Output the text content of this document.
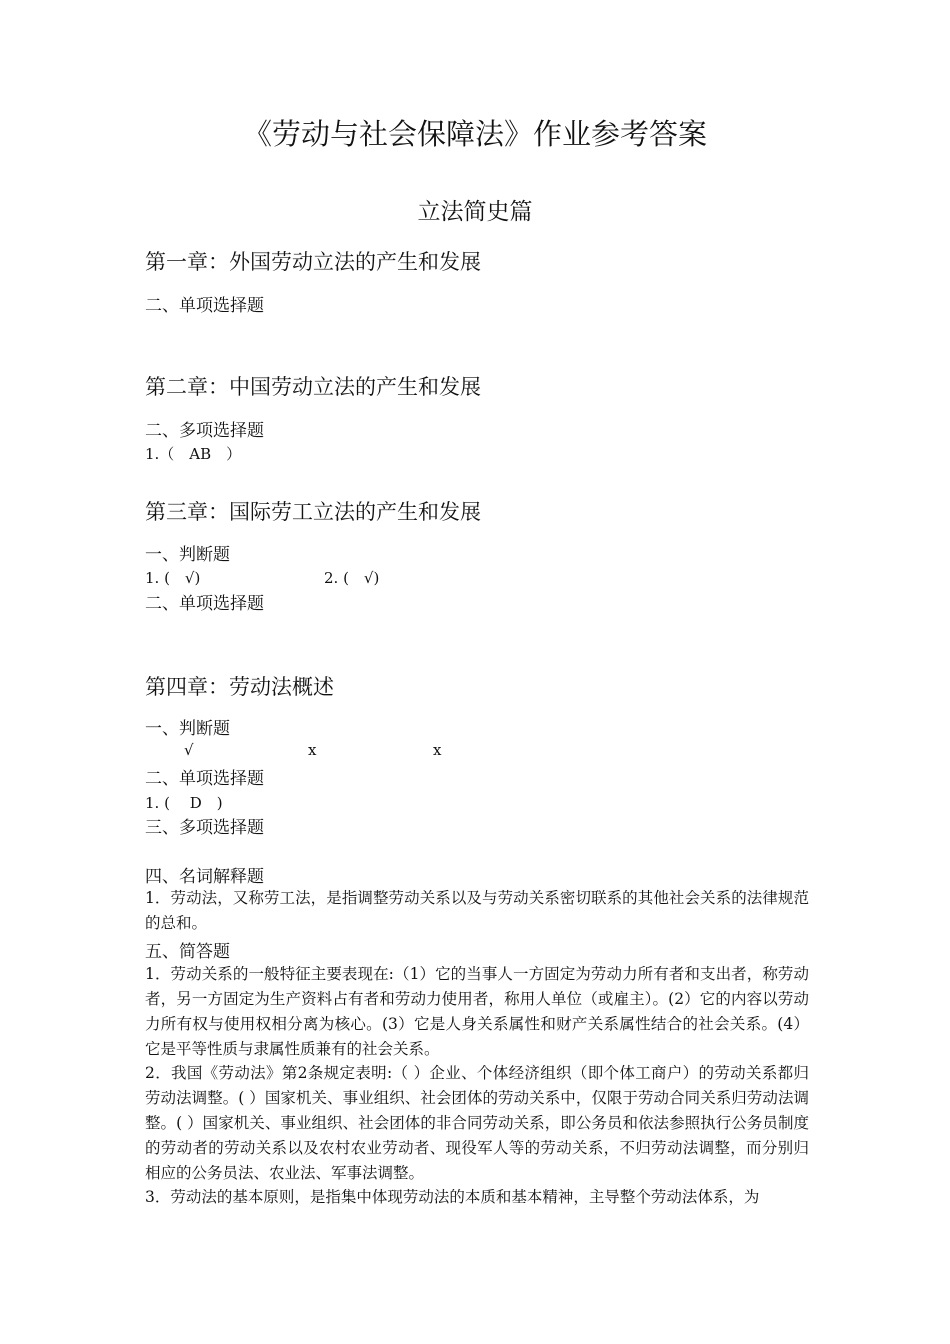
《劳动与社会保障法》作业参考答案
立法简史篇
第一章：外国劳动立法的产生和发展
二、单项选择题
第二章：中国劳动立法的产生和发展
二、多项选择题
1.（　AB　）
第三章：国际劳工立法的产生和发展
一、判断题
1. (　√)	2. (　√)
二、单项选择题
第四章：劳动法概述
一、判断题
√	x	x
二、单项选择题
1. (　 D　)
三、多项选择题
四、名词解释题
1．劳动法，又称劳工法，是指调整劳动关系以及与劳动关系密切联系的其他社会关系的法律规范的总和。
五、简答题
1．劳动关系的一般特征主要表现在:（1）它的当事人一方固定为劳动力所有者和支出者，称劳动者，另一方固定为生产资料占有者和劳动力使用者，称用人单位（或雇主）。(2）它的内容以劳动力所有权与使用权相分离为核心。(3）它是人身关系属性和财产关系属性结合的社会关系。(4）它是平等性质与隶属性质兼有的社会关系。
2．我国《劳动法》第2条规定表明:（ ）企业、个体经济组织（即个体工商户）的劳动关系都归劳动法调整。( ）国家机关、事业组织、社会团体的劳动关系中，仅限于劳动合同关系归劳动法调整。( ）国家机关、事业组织、社会团体的非合同劳动关系，即公务员和依法参照执行公务员制度的劳动者的劳动关系以及农村农业劳动者、现役军人等的劳动关系，不归劳动法调整，而分别归相应的公务员法、农业法、军事法调整。
3．劳动法的基本原则，是指集中体现劳动法的本质和基本精神，主导整个劳动法体系，为
